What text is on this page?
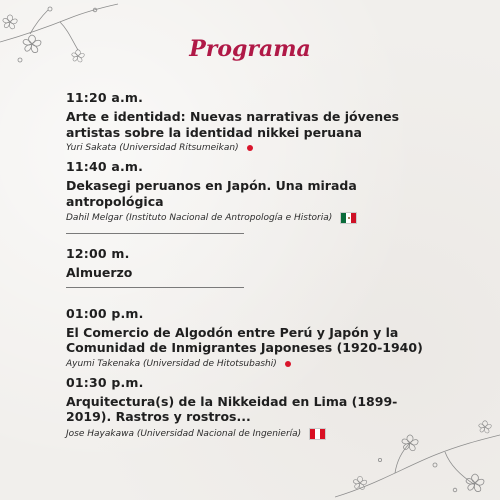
Programa
11:20 a.m.
Arte e identidad: Nuevas narrativas de jóvenes artistas sobre la identidad nikkei peruana
Yuri Sakata (Universidad Ritsumeikan)
11:40 a.m.
Dekasegi peruanos en Japón. Una mirada antropológica
Dahil Melgar (Instituto Nacional de Antropología e Historia)
12:00 m.
Almuerzo
01:00 p.m.
El Comercio de Algodón entre Perú y Japón y la Comunidad de Inmigrantes Japoneses (1920-1940)
Ayumi Takenaka (Universidad de Hitotsubashi)
01:30 p.m.
Arquitectura(s) de la Nikkeidad en Lima (1899-2019). Rastros y rostros...
Jose Hayakawa (Universidad Nacional de Ingeniería)
